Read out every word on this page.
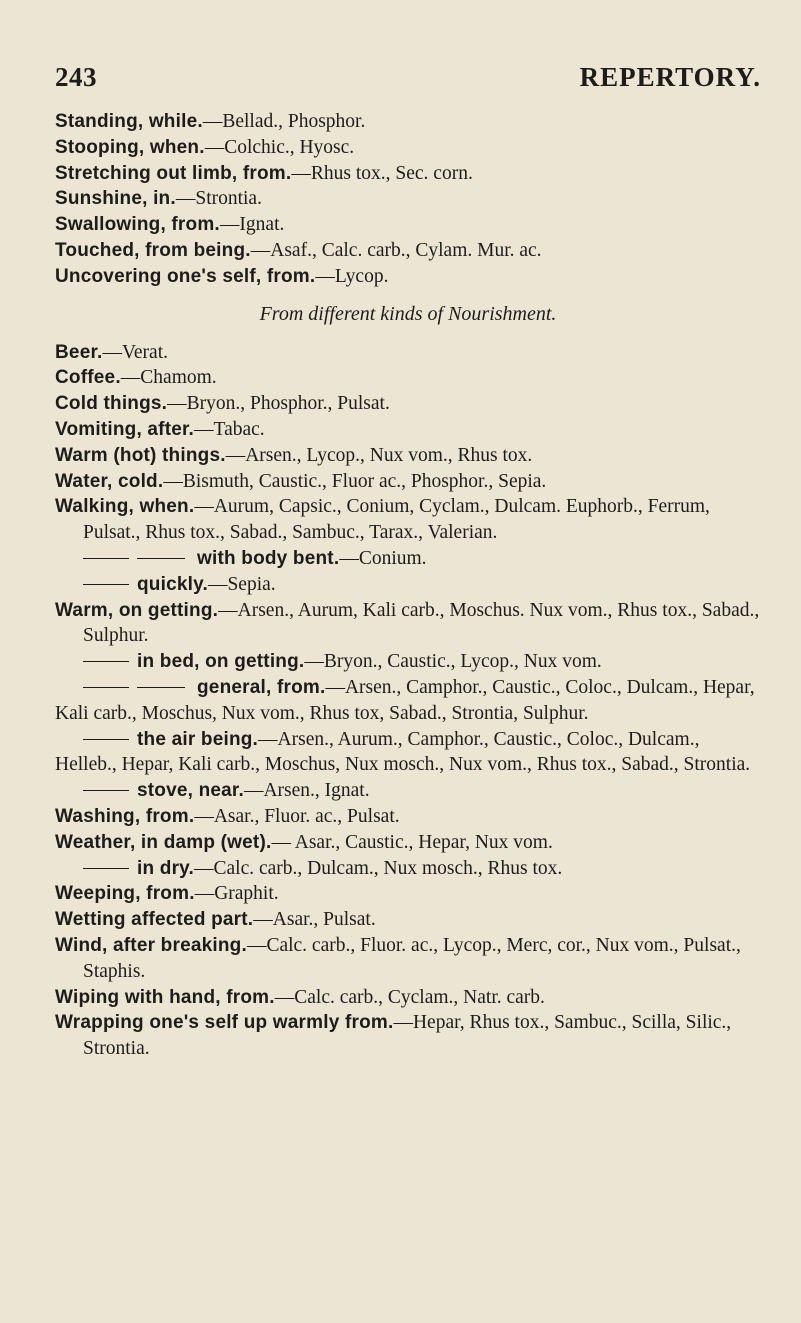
243	REPERTORY.
Standing, while.—Bellad., Phosphor.
Stooping, when.—Colchic., Hyosc.
Stretching out limb, from.—Rhus tox., Sec. corn.
Sunshine, in.—Strontia.
Swallowing, from.—Ignat.
Touched, from being.—Asaf., Calc. carb., Cylam. Mur. ac.
Uncovering one's self, from.—Lycop.
From different kinds of Nourishment.
Beer.—Verat.
Coffee.—Chamom.
Cold things.—Bryon., Phosphor., Pulsat.
Vomiting, after.—Tabac.
Warm (hot) things.—Arsen., Lycop., Nux vom., Rhus tox.
Water, cold.—Bismuth, Caustic., Fluor ac., Phosphor., Sepia.
Walking, when.—Aurum, Capsic., Conium, Cyclam., Dulcam. Euphorb., Ferrum, Pulsat., Rhus tox., Sabad., Sambuc., Tarax., Valerian.
with body bent.—Conium.
quickly.—Sepia.
Warm, on getting.—Arsen., Aurum, Kali carb., Moschus. Nux vom., Rhus tox., Sabad., Sulphur.
in bed, on getting.—Bryon., Caustic., Lycop., Nux vom.
general, from.—Arsen., Camphor., Caustic., Coloc., Dulcam., Hepar, Kali carb., Moschus, Nux vom., Rhus tox, Sabad., Strontia, Sulphur.
the air being.—Arsen., Aurum., Camphor., Caustic., Coloc., Dulcam., Helleb., Hepar, Kali carb., Moschus, Nux mosch., Nux vom., Rhus tox., Sabad., Strontia.
stove, near.—Arsen., Ignat.
Washing, from.—Asar., Fluor. ac., Pulsat.
Weather, in damp (wet).— Asar., Caustic., Hepar, Nux vom.
in dry.—Calc. carb., Dulcam., Nux mosch., Rhus tox.
Weeping, from.—Graphit.
Wetting affected part.—Asar., Pulsat.
Wind, after breaking.—Calc. carb., Fluor. ac., Lycop., Merc, cor., Nux vom., Pulsat., Staphis.
Wiping with hand, from.—Calc. carb., Cyclam., Natr. carb.
Wrapping one's self up warmly from.—Hepar, Rhus tox., Sambuc., Scilla, Silic., Strontia.
